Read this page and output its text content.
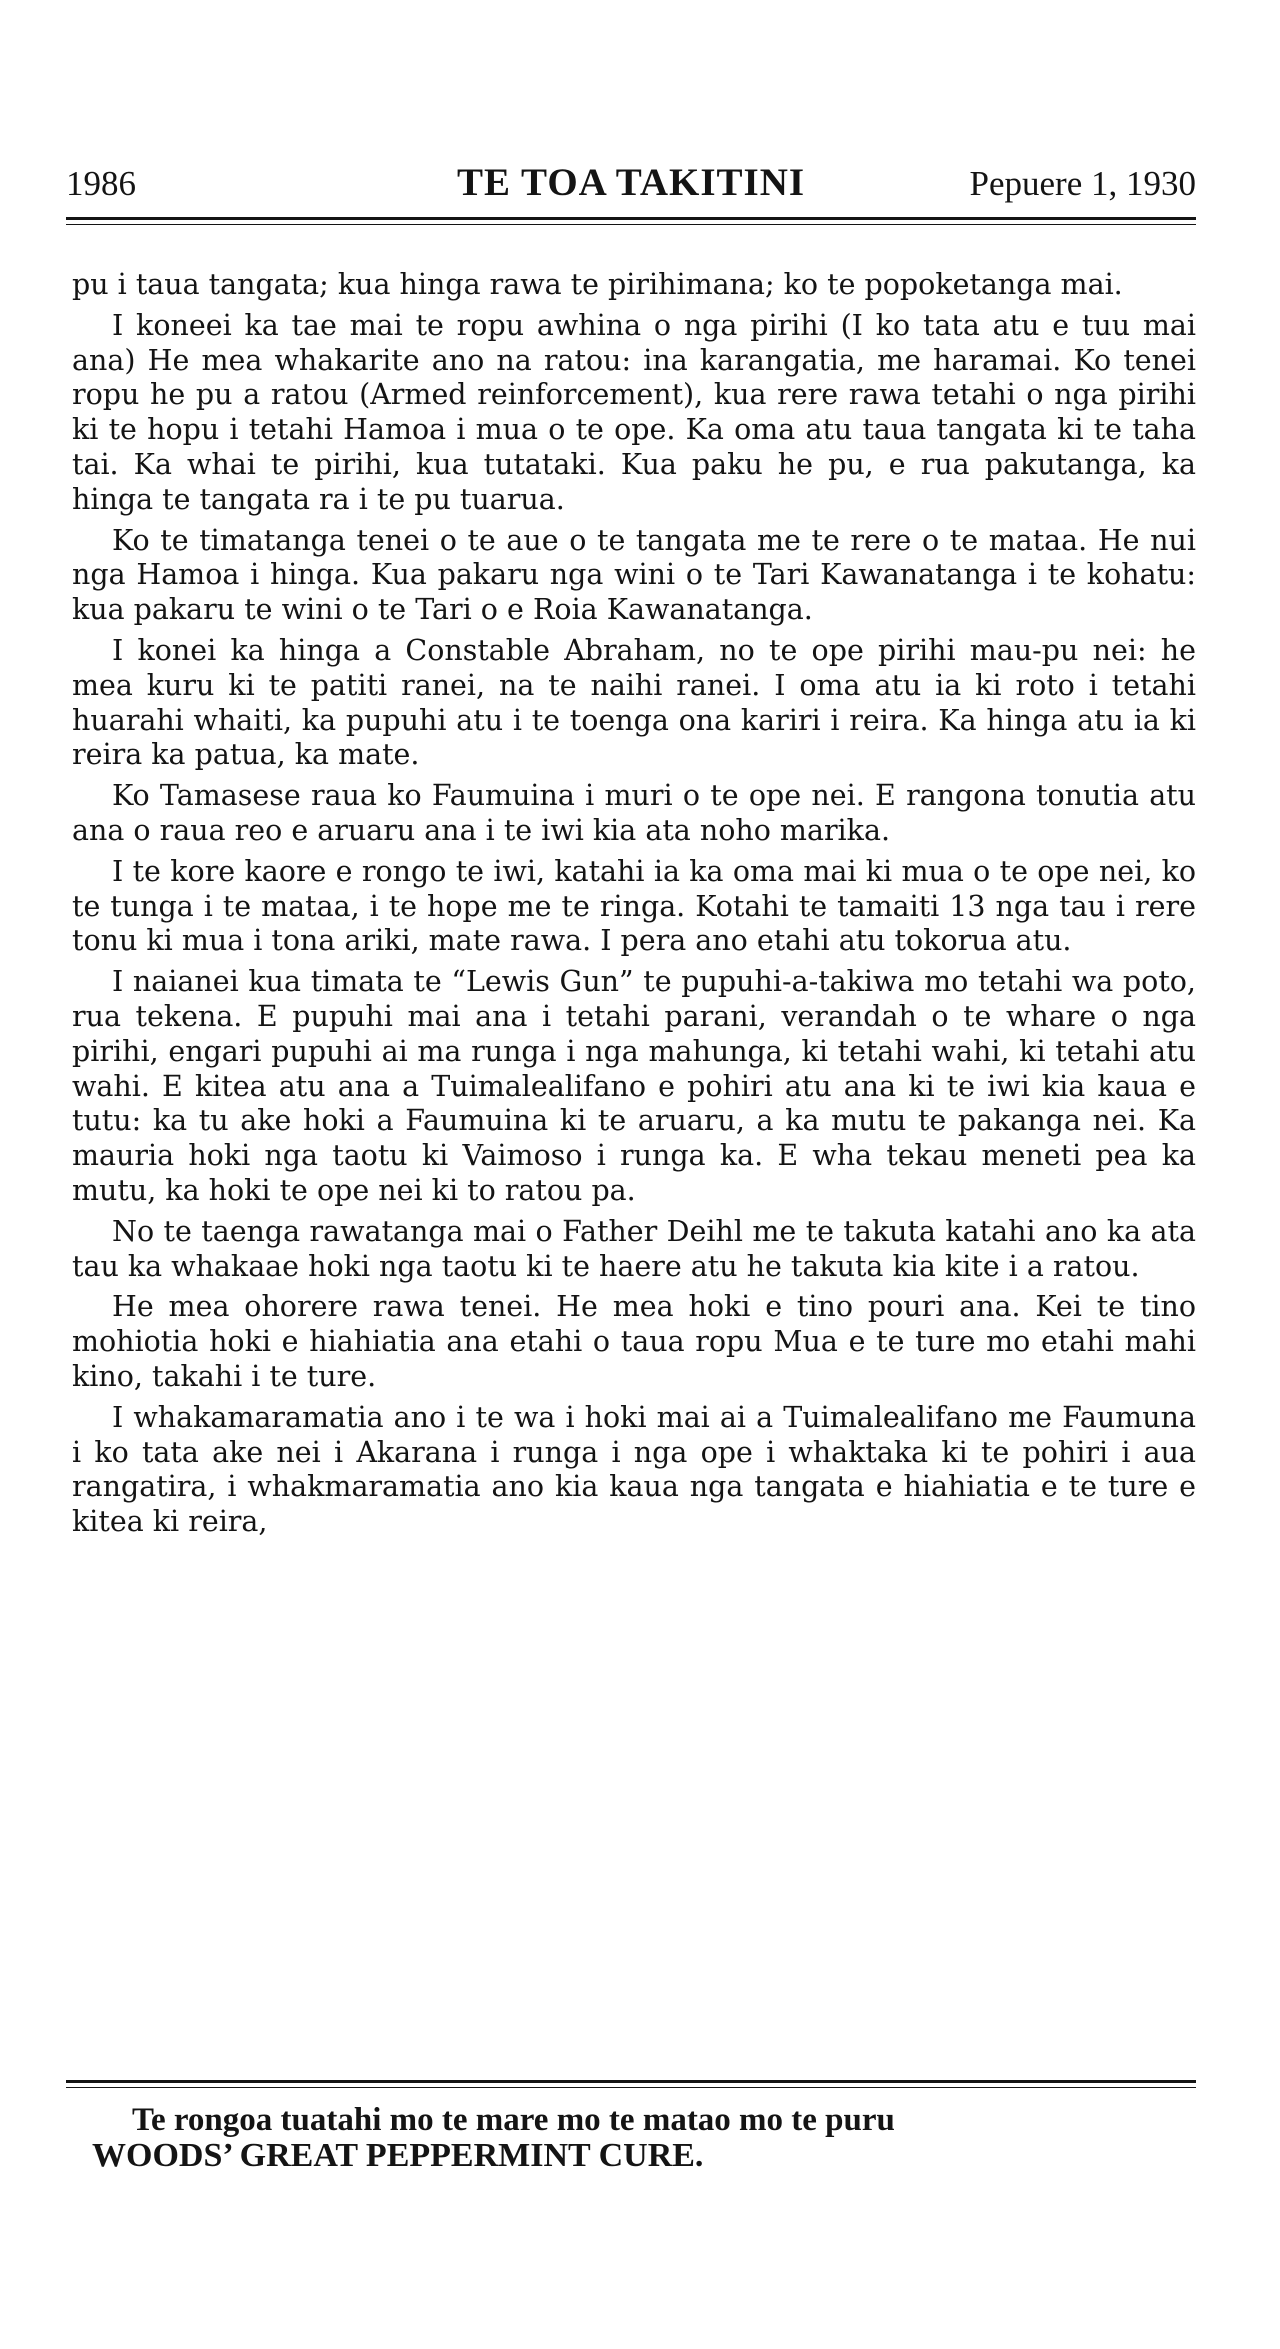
1986	TE TOA TAKITINI	Pepuere 1, 1930

pu i taua tangata; kua hinga rawa te pirihimana; ko te popoketanga mai.

I koneei ka tae mai te ropu awhina o nga pirihi (I ko tata atu e tuu mai ana) He mea whakarite ano na ratou: ina karangatia, me haramai. Ko tenei ropu he pu a ratou (Armed reinforcement), kua rere rawa tetahi o nga pirihi ki te hopu i tetahi Hamoa i mua o te ope. Ka oma atu taua tangata ki te taha tai. Ka whai te pirihi, kua tutataki. Kua paku he pu, e rua pakutanga, ka hinga te tangata ra i te pu tuarua.

Ko te timatanga tenei o te aue o te tangata me te rere o te mataa. He nui nga Hamoa i hinga. Kua pakaru nga wini o te Tari Kawanatanga i te kohatu: kua pakaru te wini o te Tari o e Roia Kawanatanga.

I konei ka hinga a Constable Abraham, no te ope pirihi mau-pu nei: he mea kuru ki te patiti ranei, na te naihi ranei. I oma atu ia ki roto i tetahi huarahi whaiti, ka pupuhi atu i te toenga ona kariri i reira. Ka hinga atu ia ki reira ka patua, ka mate.

Ko Tamasese raua ko Faumuina i muri o te ope nei. E rangona tonutia atu ana o raua reo e aruaru ana i te iwi kia ata noho marika.

I te kore kaore e rongo te iwi, katahi ia ka oma mai ki mua o te ope nei, ko te tunga i te mataa, i te hope me te ringa. Kotahi te tamaiti 13 nga tau i rere tonu ki mua i tona ariki, mate rawa. I pera ano etahi atu tokorua atu.

I naianei kua timata te “Lewis Gun” te pupuhi-a-takiwa mo tetahi wa poto, rua tekena. E pupuhi mai ana i tetahi parani, verandah o te whare o nga pirihi, engari pupuhi ai ma runga i nga mahunga, ki tetahi wahi, ki tetahi atu wahi. E kitea atu ana a Tuimalealifano e pohiri atu ana ki te iwi kia kaua e tutu: ka tu ake hoki a Faumuina ki te aruaru, a ka mutu te pakanga nei. Ka mauria hoki nga taotu ki Vaimoso i runga ka. E wha tekau meneti pea ka mutu, ka hoki te ope nei ki to ratou pa.

No te taenga rawatanga mai o Father Deihl me te takuta katahi ano ka ata tau ka whakaae hoki nga taotu ki te haere atu he takuta kia kite i a ratou.

He mea ohorere rawa tenei. He mea hoki e tino pouri ana. Kei te tino mohiotia hoki e hiahiatia ana etahi o taua ropu Mua e te ture mo etahi mahi kino, takahi i te ture.

I whakamaramatia ano i te wa i hoki mai ai a Tuimalealifano me Faumuna i ko tata ake nei i Akarana i runga i nga ope i whaktaka ki te pohiri i aua rangatira, i whakmaramatia ano kia kaua nga tangata e hiahiatia e te ture e kitea ki reira,

Te rongoa tuatahi mo te mare mo te matao mo te puru
WOODS’ GREAT PEPPERMINT CURE.
